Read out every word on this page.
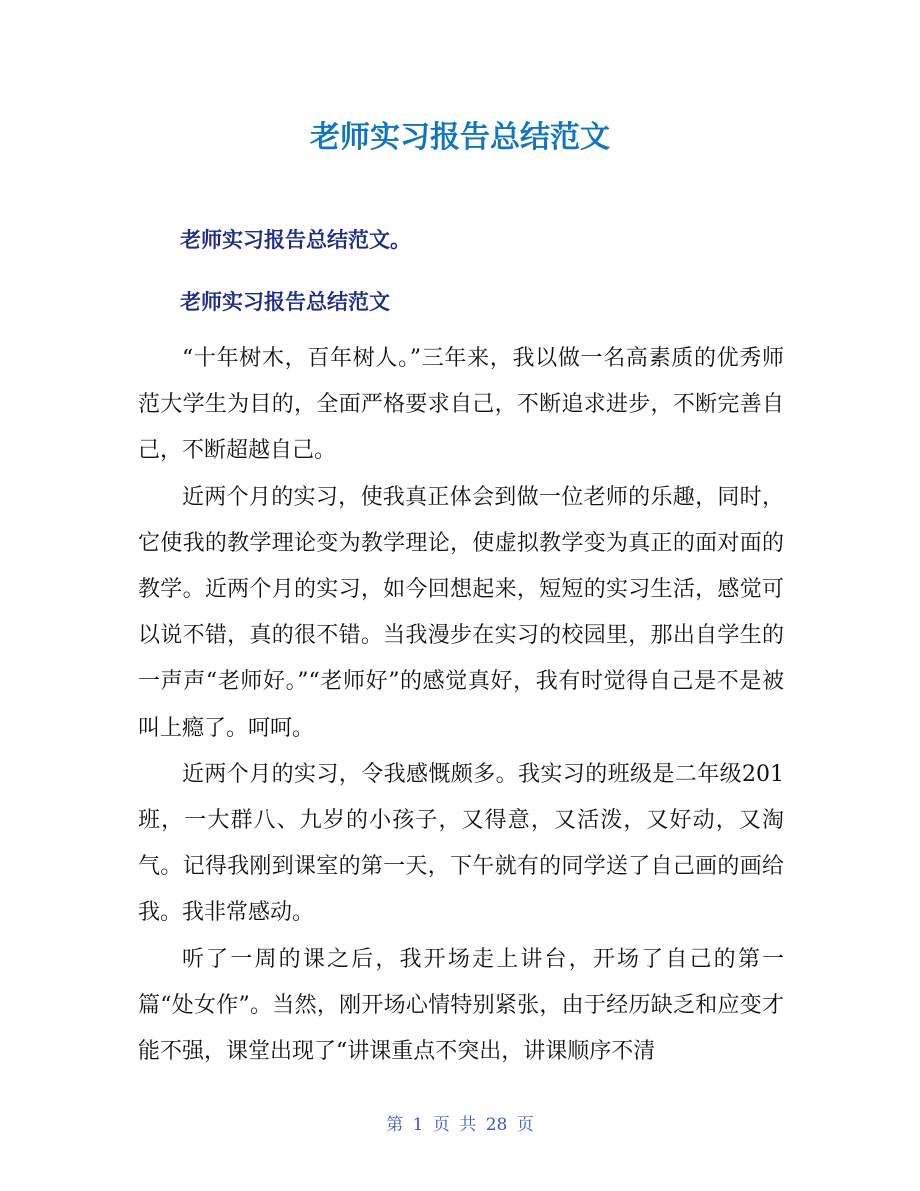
老师实习报告总结范文
老师实习报告总结范文。
老师实习报告总结范文

“十年树木，百年树人。”三年来，我以做一名高素质的优秀师范大学生为目的，全面严格要求自己，不断追求进步，不断完善自己，不断超越自己。

近两个月的实习，使我真正体会到做一位老师的乐趣，同时，它使我的教学理论变为教学理论，使虚拟教学变为真正的面对面的教学。近两个月的实习，如今回想起来，短短的实习生活，感觉可以说不错，真的很不错。当我漫步在实习的校园里，那出自学生的一声声“老师好。”“老师好”的感觉真好，我有时觉得自己是不是被叫上瘾了。呵呵。

近两个月的实习，令我感慨颇多。我实习的班级是二年级201班，一大群八、九岁的小孩子，又得意，又活泼，又好动，又淘气。记得我刚到课室的第一天，下午就有的同学送了自己画的画给我。我非常感动。

听了一周的课之后，我开场走上讲台，开场了自己的第一篇“处女作”。当然，刚开场心情特别紧张，由于经历缺乏和应变才能不强，课堂出现了“讲课重点不突出，讲课顺序不清

第 1 页 共 28 页
